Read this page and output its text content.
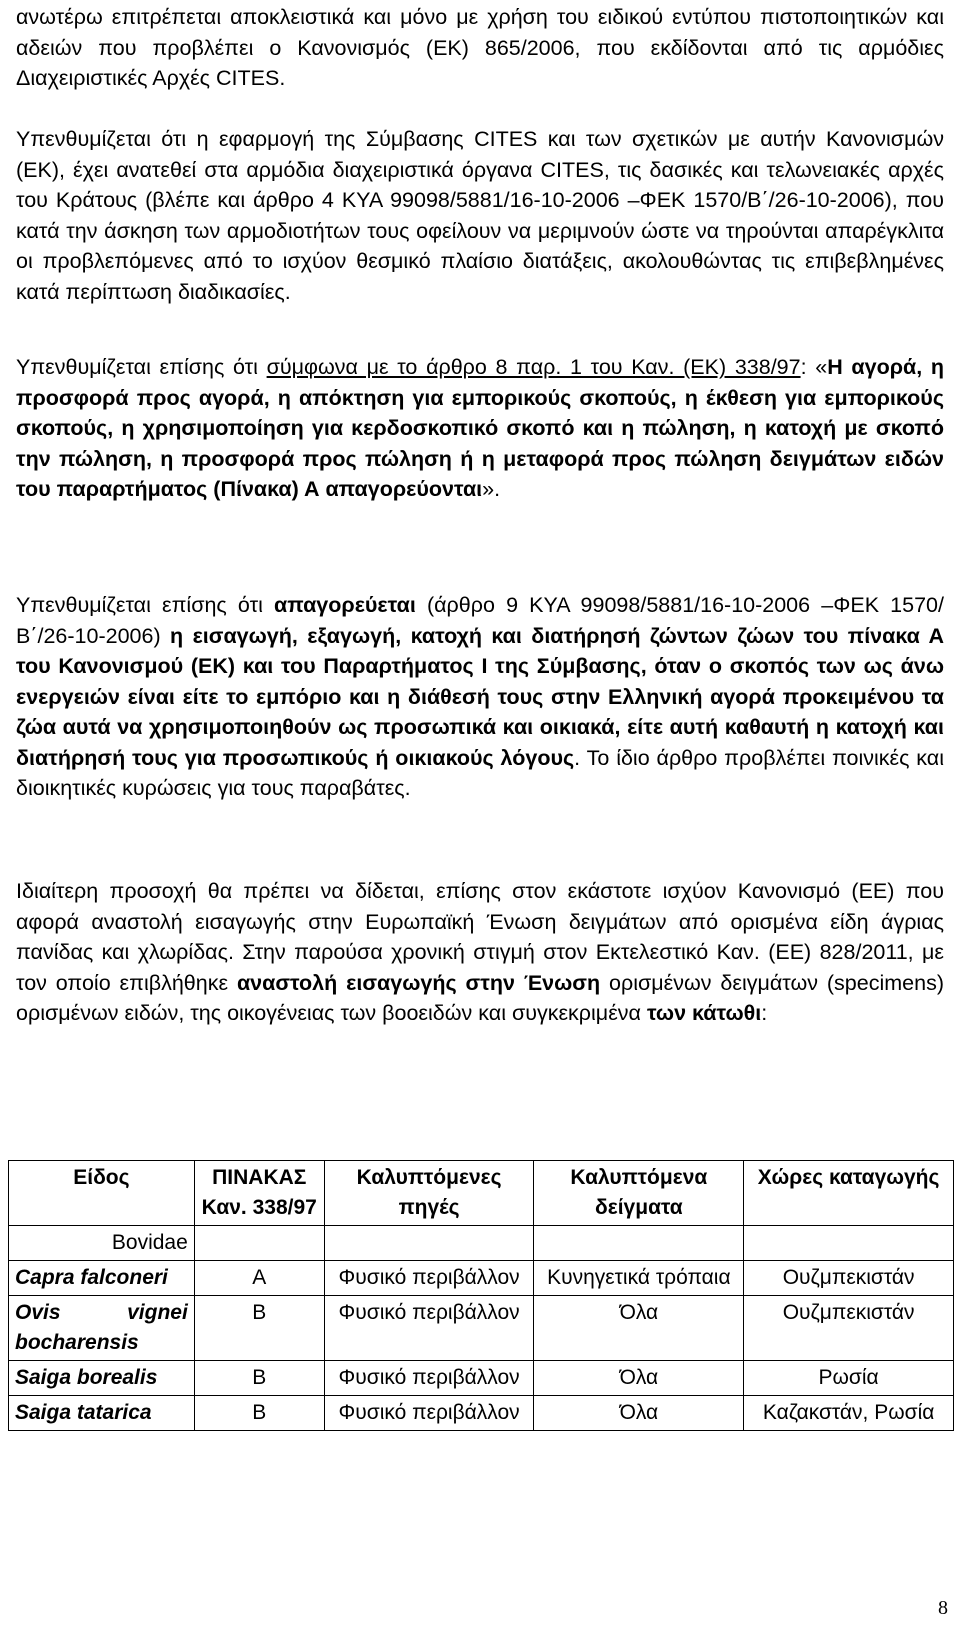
ανωτέρω επιτρέπεται αποκλειστικά και μόνο με χρήση του ειδικού εντύπου πιστοποιητικών και αδειών που προβλέπει ο Κανονισμός (ΕΚ) 865/2006, που εκδίδονται από τις αρμόδιες Διαχειριστικές Αρχές CITES.

Υπενθυμίζεται ότι η εφαρμογή της Σύμβασης CITES και των σχετικών με αυτήν Κανονισμών (ΕΚ), έχει ανατεθεί στα αρμόδια διαχειριστικά όργανα CITES, τις δασικές και τελωνειακές αρχές του Κράτους (βλέπε και άρθρο 4 ΚΥΑ 99098/5881/16-10-2006 –ΦΕΚ 1570/Β΄/26-10-2006), που κατά την άσκηση των αρμοδιοτήτων τους οφείλουν να μεριμνούν ώστε να τηρούνται απαρέγκλιτα οι προβλεπόμενες από το ισχύον θεσμικό πλαίσιο διατάξεις, ακολουθώντας τις επιβεβλημένες κατά περίπτωση διαδικασίες.

Υπενθυμίζεται επίσης ότι σύμφωνα με το άρθρο 8 παρ. 1 του Καν. (ΕΚ) 338/97: «Η αγορά, η προσφορά προς αγορά, η απόκτηση για εμπορικούς σκοπούς, η έκθεση για εμπορικούς σκοπούς, η χρησιμοποίηση για κερδοσκοπικό σκοπό και η πώληση, η κατοχή με σκοπό την πώληση, η προσφορά προς πώληση ή η μεταφορά προς πώληση δειγμάτων ειδών του παραρτήματος (Πίνακα) Α απαγορεύονται».

Υπενθυμίζεται επίσης ότι απαγορεύεται (άρθρο 9 ΚΥΑ 99098/5881/16-10-2006 –ΦΕΚ 1570/Β΄/26-10-2006) η εισαγωγή, εξαγωγή, κατοχή και διατήρησή ζώντων ζώων του πίνακα Α του Κανονισμού (ΕΚ) και του Παραρτήματος Ι της Σύμβασης, όταν ο σκοπός των ως άνω ενεργειών είναι είτε το εμπόριο και η διάθεσή τους στην Ελληνική αγορά προκειμένου τα ζώα αυτά να χρησιμοποιηθούν ως προσωπικά και οικιακά, είτε αυτή καθαυτή η κατοχή και διατήρησή τους για προσωπικούς ή οικιακούς λόγους. Το ίδιο άρθρο προβλέπει ποινικές και διοικητικές κυρώσεις για τους παραβάτες.

Ιδιαίτερη προσοχή θα πρέπει να δίδεται, επίσης στον εκάστοτε ισχύον Κανονισμό (ΕΕ) που αφορά αναστολή εισαγωγής στην Ευρωπαϊκή Ένωση δειγμάτων από ορισμένα είδη άγριας πανίδας και χλωρίδας. Στην παρούσα χρονική στιγμή στον Εκτελεστικό Καν. (ΕΕ) 828/2011, με τον οποίο επιβλήθηκε αναστολή εισαγωγής στην Ένωση ορισμένων δειγμάτων (specimens) ορισμένων ειδών, της οικογένειας των βοοειδών και συγκεκριμένα των κάτωθι:

Είδος	ΠΙΝΑΚΑΣ Καν. 338/97	Καλυπτόμενες πηγές	Καλυπτόμενα δείγματα	Χώρες καταγωγής
Bovidae				
Capra falconeri	A	Φυσικό περιβάλλον	Κυνηγετικά τρόπαια	Ουζμπεκιστάν
Ovis vignei bocharensis	B	Φυσικό περιβάλλον	Όλα	Ουζμπεκιστάν
Saiga borealis	B	Φυσικό περιβάλλον	Όλα	Ρωσία
Saiga tatarica	B	Φυσικό περιβάλλον	Όλα	Καζακστάν, Ρωσία
8
